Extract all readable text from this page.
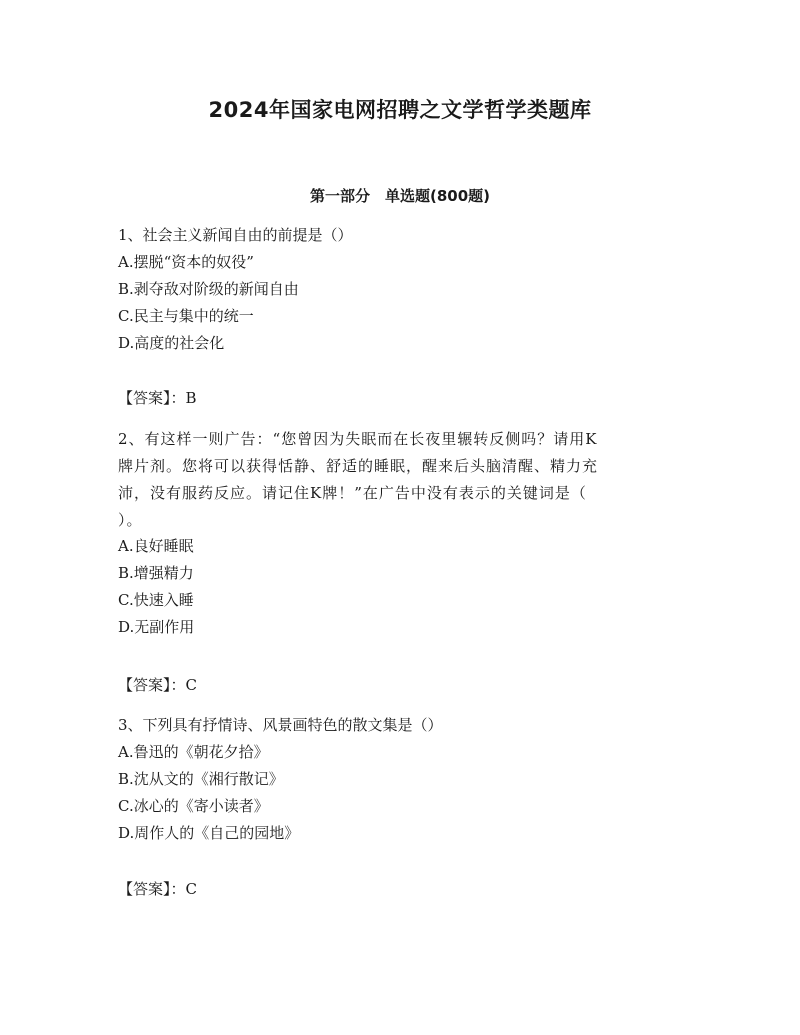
2024年国家电网招聘之文学哲学类题库
第一部分　单选题(800题)
1、社会主义新闻自由的前提是（）
A.摆脱“资本的奴役”
B.剥夺敌对阶级的新闻自由
C.民主与集中的统一
D.高度的社会化
【答案】：B
2、有这样一则广告：“您曾因为失眠而在长夜里辗转反侧吗？请用K
牌片剂。您将可以获得恬静、舒适的睡眠，醒来后头脑清醒、精力充
沛，没有服药反应。请记住K牌！”在广告中没有表示的关键词是（
）。
A.良好睡眠
B.增强精力
C.快速入睡
D.无副作用
【答案】：C
3、下列具有抒情诗、风景画特色的散文集是（）
A.鲁迅的《朝花夕拾》
B.沈从文的《湘行散记》
C.冰心的《寄小读者》
D.周作人的《自己的园地》
【答案】：C
